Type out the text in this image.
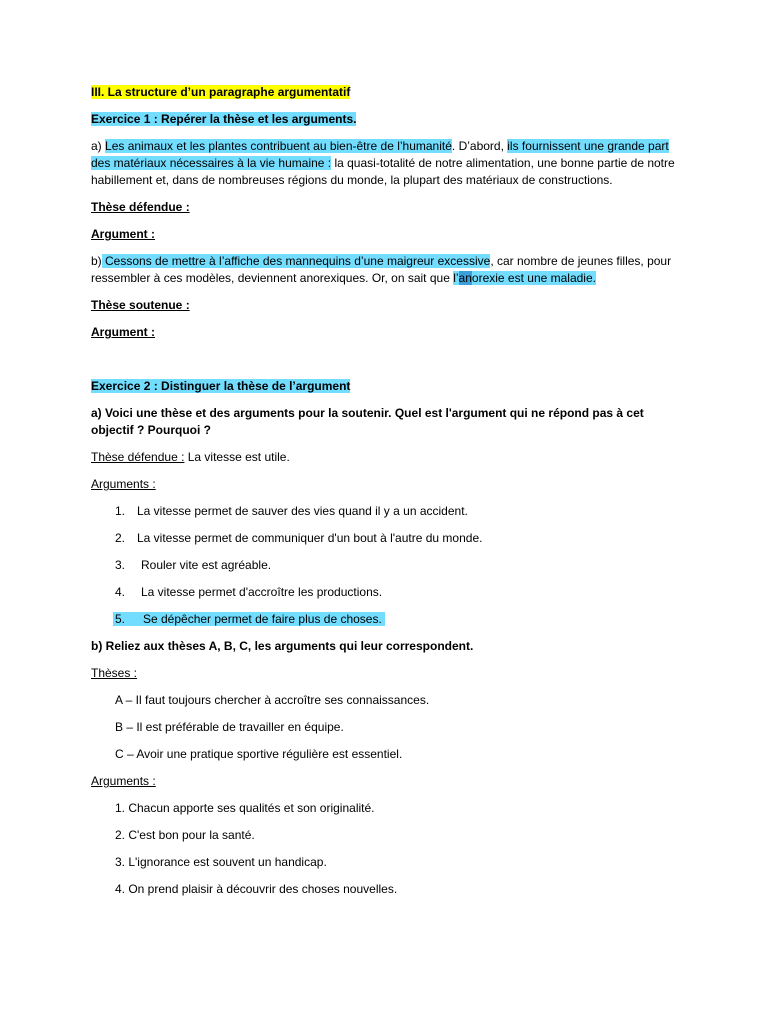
III. La structure d’un paragraphe argumentatif

Exercice 1 : Repérer la thèse et les arguments.

a) Les animaux et les plantes contribuent au bien-être de l’humanité. D’abord, ils fournissent une grande part des matériaux nécessaires à la vie humaine : la quasi-totalité de notre alimentation, une bonne partie de notre habillement et, dans de nombreuses régions du monde, la plupart des matériaux de constructions.

Thèse défendue :

Argument :

b) Cessons de mettre à l’affiche des mannequins d’une maigreur excessive, car nombre de jeunes filles, pour ressembler à ces modèles, deviennent anorexiques. Or, on sait que l’anorexie est une maladie.

Thèse soutenue :

Argument :

Exercice 2 : Distinguer la thèse de l’argument

a) Voici une thèse et des arguments pour la soutenir. Quel est l'argument qui ne répond pas à cet objectif ? Pourquoi ?

Thèse défendue : La vitesse est utile.

Arguments :

1. La vitesse permet de sauver des vies quand il y a un accident.

2. La vitesse permet de communiquer d'un bout à l'autre du monde.

3. Rouler vite est agréable.

4. La vitesse permet d'accroître les productions.

5. Se dépêcher permet de faire plus de choses.

b) Reliez aux thèses A, B, C, les arguments qui leur correspondent.

Thèses :

A – Il faut toujours chercher à accroître ses connaissances.

B – Il est préférable de travailler en équipe.

C – Avoir une pratique sportive régulière est essentiel.

Arguments :

1. Chacun apporte ses qualités et son originalité.

2. C'est bon pour la santé.

3. L'ignorance est souvent un handicap.

4. On prend plaisir à découvrir des choses nouvelles.
